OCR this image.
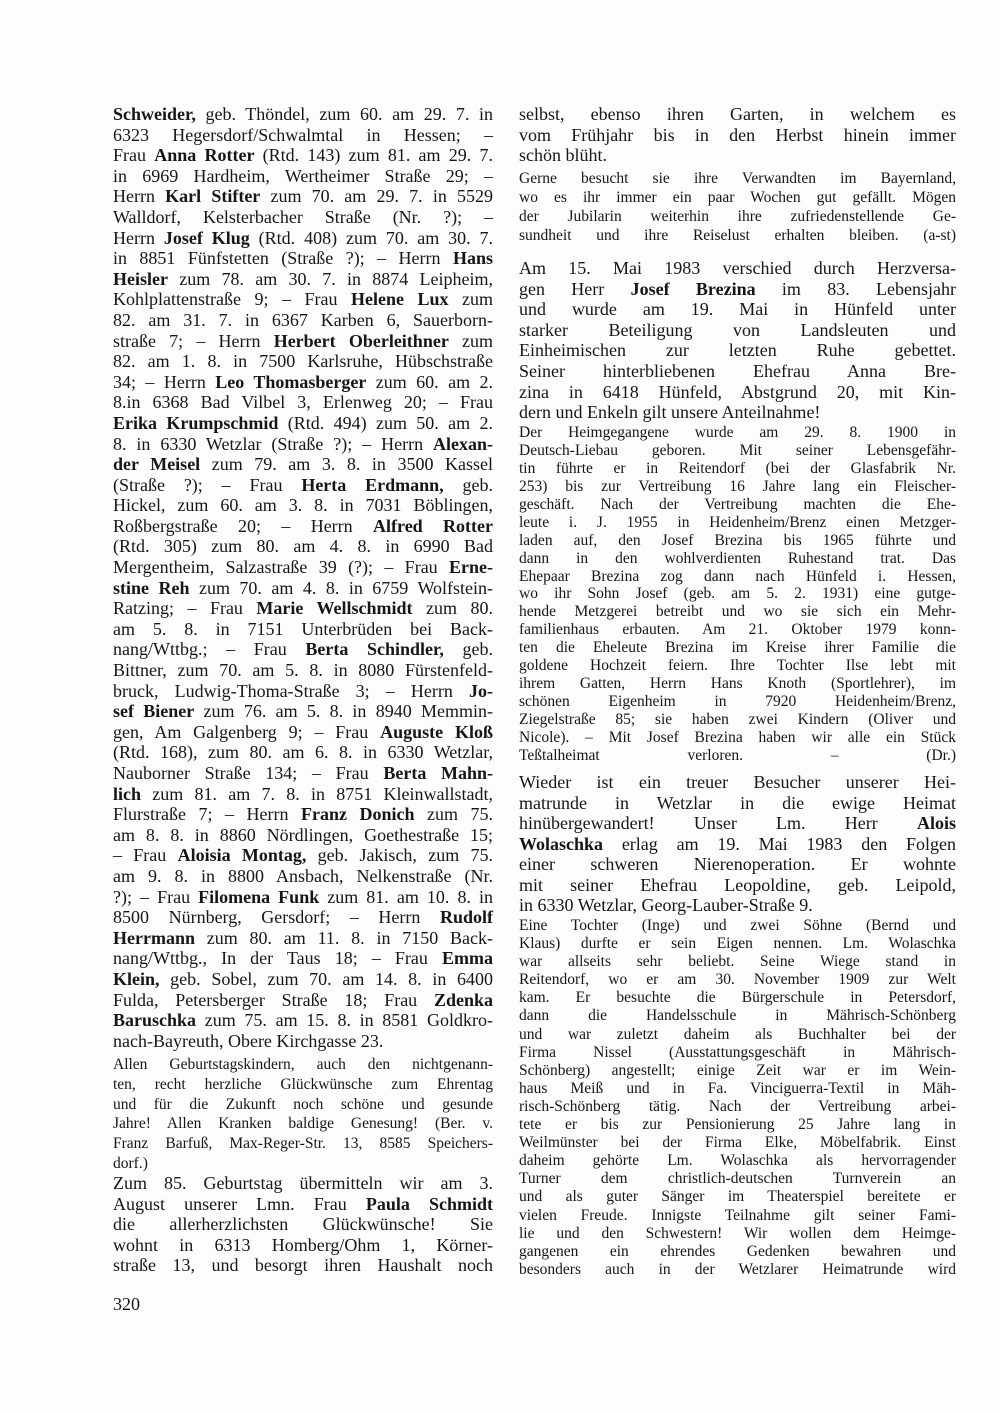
Schweider, geb. Thöndel, zum 60. am 29. 7. in
6323 Hegersdorf/Schwalmtal in Hessen; –
Frau Anna Rotter (Rtd. 143) zum 81. am 29. 7.
in 6969 Hardheim, Wertheimer Straße 29; –
Herrn Karl Stifter zum 70. am 29. 7. in 5529
Walldorf, Kelsterbacher Straße (Nr. ?); –
Herrn Josef Klug (Rtd. 408) zum 70. am 30. 7.
in 8851 Fünfstetten (Straße ?); – Herrn Hans
Heisler zum 78. am 30. 7. in 8874 Leipheim,
Kohlplattenstraße 9; – Frau Helene Lux zum
82. am 31. 7. in 6367 Karben 6, Sauerborn-
straße 7; – Herrn Herbert Oberleithner zum
82. am 1. 8. in 7500 Karlsruhe, Hübschstraße
34; – Herrn Leo Thomasberger zum 60. am 2.
8.in 6368 Bad Vilbel 3, Erlenweg 20; – Frau
Erika Krumpschmid (Rtd. 494) zum 50. am 2.
8. in 6330 Wetzlar (Straße ?); – Herrn Alexan-
der Meisel zum 79. am 3. 8. in 3500 Kassel
(Straße ?); – Frau Herta Erdmann, geb.
Hickel, zum 60. am 3. 8. in 7031 Böblingen,
Roßbergstraße 20; – Herrn Alfred Rotter
(Rtd. 305) zum 80. am 4. 8. in 6990 Bad
Mergentheim, Salzastraße 39 (?); – Frau Erne-
stine Reh zum 70. am 4. 8. in 6759 Wolfstein-
Ratzing; – Frau Marie Wellschmidt zum 80.
am 5. 8. in 7151 Unterbrüden bei Back-
nang/Wttbg.; – Frau Berta Schindler, geb.
Bittner, zum 70. am 5. 8. in 8080 Fürstenfeld-
bruck, Ludwig-Thoma-Straße 3; – Herrn Jo-
sef Biener zum 76. am 5. 8. in 8940 Memmin-
gen, Am Galgenberg 9; – Frau Auguste Kloß
(Rtd. 168), zum 80. am 6. 8. in 6330 Wetzlar,
Nauborner Straße 134; – Frau Berta Mahn-
lich zum 81. am 7. 8. in 8751 Kleinwallstadt,
Flurstraße 7; – Herrn Franz Donich zum 75.
am 8. 8. in 8860 Nördlingen, Goethestraße 15;
– Frau Aloisia Montag, geb. Jakisch, zum 75.
am 9. 8. in 8800 Ansbach, Nelkenstraße (Nr.
?); – Frau Filomena Funk zum 81. am 10. 8. in
8500 Nürnberg, Gersdorf; – Herrn Rudolf
Herrmann zum 80. am 11. 8. in 7150 Back-
nang/Wttbg., In der Taus 18; – Frau Emma
Klein, geb. Sobel, zum 70. am 14. 8. in 6400
Fulda, Petersberger Straße 18; Frau Zdenka
Baruschka zum 75. am 15. 8. in 8581 Goldkro-
nach-Bayreuth, Obere Kirchgasse 23.
Allen Geburtstagskindern, auch den nichtgenann-
ten, recht herzliche Glückwünsche zum Ehrentag
und für die Zukunft noch schöne und gesunde
Jahre! Allen Kranken baldige Genesung! (Ber. v.
Franz Barfuß, Max-Reger-Str. 13, 8585 Speichers-
dorf.)
Zum 85. Geburtstag übermitteln wir am 3.
August unserer Lmn. Frau Paula Schmidt
die allerherzlichsten Glückwünsche! Sie
wohnt in 6313 Homberg/Ohm 1, Körner-
straße 13, und besorgt ihren Haushalt noch
320
selbst, ebenso ihren Garten, in welchem es
vom Frühjahr bis in den Herbst hinein immer
schön blüht.
Gerne besucht sie ihre Verwandten im Bayernland,
wo es ihr immer ein paar Wochen gut gefällt. Mögen
der Jubilarin weiterhin ihre zufriedenstellende Ge-
sundheit und ihre Reiselust erhalten bleiben. (a-st)
Am 15. Mai 1983 verschied durch Herzversa-
gen Herr Josef Brezina im 83. Lebensjahr
und wurde am 19. Mai in Hünfeld unter
starker Beteiligung von Landsleuten und
Einheimischen zur letzten Ruhe gebettet.
Seiner hinterbliebenen Ehefrau Anna Bre-
zina in 6418 Hünfeld, Abstgrund 20, mit Kin-
dern und Enkeln gilt unsere Anteilnahme!
Der Heimgegangene wurde am 29. 8. 1900 in
Deutsch-Liebau geboren. Mit seiner Lebensgefähr-
tin führte er in Reitendorf (bei der Glasfabrik Nr.
253) bis zur Vertreibung 16 Jahre lang ein Fleischer-
geschäft. Nach der Vertreibung machten die Ehe-
leute i. J. 1955 in Heidenheim/Brenz einen Metzger-
laden auf, den Josef Brezina bis 1965 führte und
dann in den wohlverdienten Ruhestand trat. Das
Ehepaar Brezina zog dann nach Hünfeld i. Hessen,
wo ihr Sohn Josef (geb. am 5. 2. 1931) eine gutge-
hende Metzgerei betreibt und wo sie sich ein Mehr-
familienhaus erbauten. Am 21. Oktober 1979 konn-
ten die Eheleute Brezina im Kreise ihrer Familie die
goldene Hochzeit feiern. Ihre Tochter Ilse lebt mit
ihrem Gatten, Herrn Hans Knoth (Sportlehrer), im
schönen Eigenheim in 7920 Heidenheim/Brenz,
Ziegelstraße 85; sie haben zwei Kindern (Oliver und
Nicole). – Mit Josef Brezina haben wir alle ein Stück
Teßtalheimat verloren. – (Dr.)
Wieder ist ein treuer Besucher unserer Hei-
matrunde in Wetzlar in die ewige Heimat
hinübergewandert! Unser Lm. Herr Alois
Wolaschka erlag am 19. Mai 1983 den Folgen
einer schweren Nierenoperation. Er wohnte
mit seiner Ehefrau Leopoldine, geb. Leipold,
in 6330 Wetzlar, Georg-Lauber-Straße 9.
Eine Tochter (Inge) und zwei Söhne (Bernd und
Klaus) durfte er sein Eigen nennen. Lm. Wolaschka
war allseits sehr beliebt. Seine Wiege stand in
Reitendorf, wo er am 30. November 1909 zur Welt
kam. Er besuchte die Bürgerschule in Petersdorf,
dann die Handelsschule in Mährisch-Schönberg
und war zuletzt daheim als Buchhalter bei der
Firma Nissel (Ausstattungsgeschäft in Mährisch-
Schönberg) angestellt; einige Zeit war er im Wein-
haus Meiß und in Fa. Vinciguerra-Textil in Mäh-
risch-Schönberg tätig. Nach der Vertreibung arbei-
tete er bis zur Pensionierung 25 Jahre lang in
Weilmünster bei der Firma Elke, Möbelfabrik. Einst
daheim gehörte Lm. Wolaschka als hervorragender
Turner dem christlich-deutschen Turnverein an
und als guter Sänger im Theaterspiel bereitete er
vielen Freude. Innigste Teilnahme gilt seiner Fami-
lie und den Schwestern! Wir wollen dem Heimge-
gangenen ein ehrendes Gedenken bewahren und
besonders auch in der Wetzlarer Heimatrunde wird
